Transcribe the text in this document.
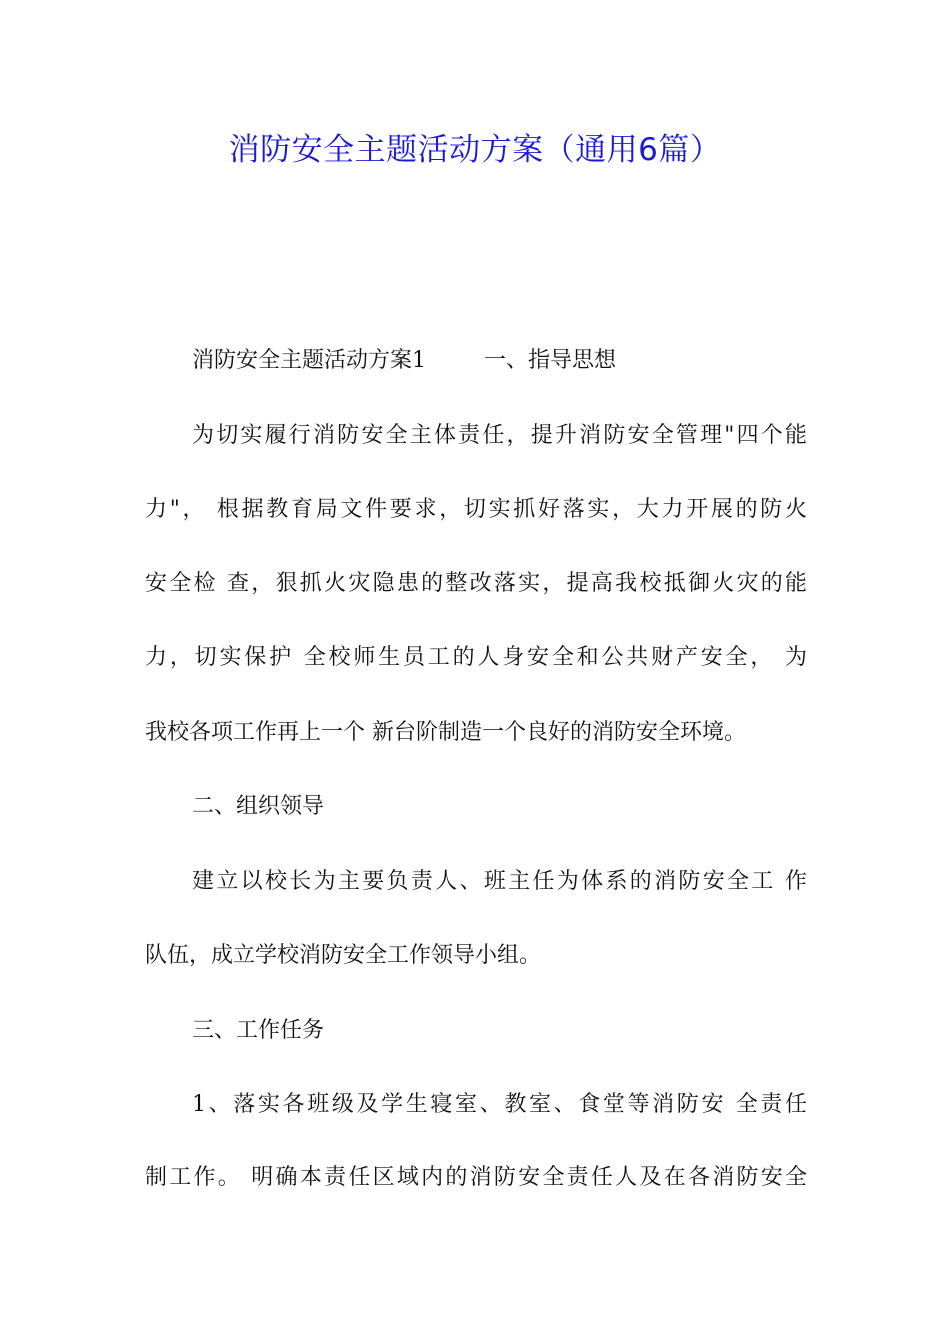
消防安全主题活动方案（通用6篇）
消防安全主题活动方案1	一、指导思想
为切实履行消防安全主体责任，提升消防安全管理"四个能
力"， 根据教育局文件要求，切实抓好落实，大力开展的防火
安全检 查，狠抓火灾隐患的整改落实，提高我校抵御火灾的能
力，切实保护 全校师生员工的人身安全和公共财产安全， 为
我校各项工作再上一个 新台阶制造一个良好的消防安全环境。
二、组织领导
建立以校长为主要负责人、班主任为体系的消防安全工 作
队伍，成立学校消防安全工作领导小组。
三、工作任务
1、落实各班级及学生寝室、教室、食堂等消防安 全责任
制工作。 明确本责任区域内的消防安全责任人及在各消防安全
